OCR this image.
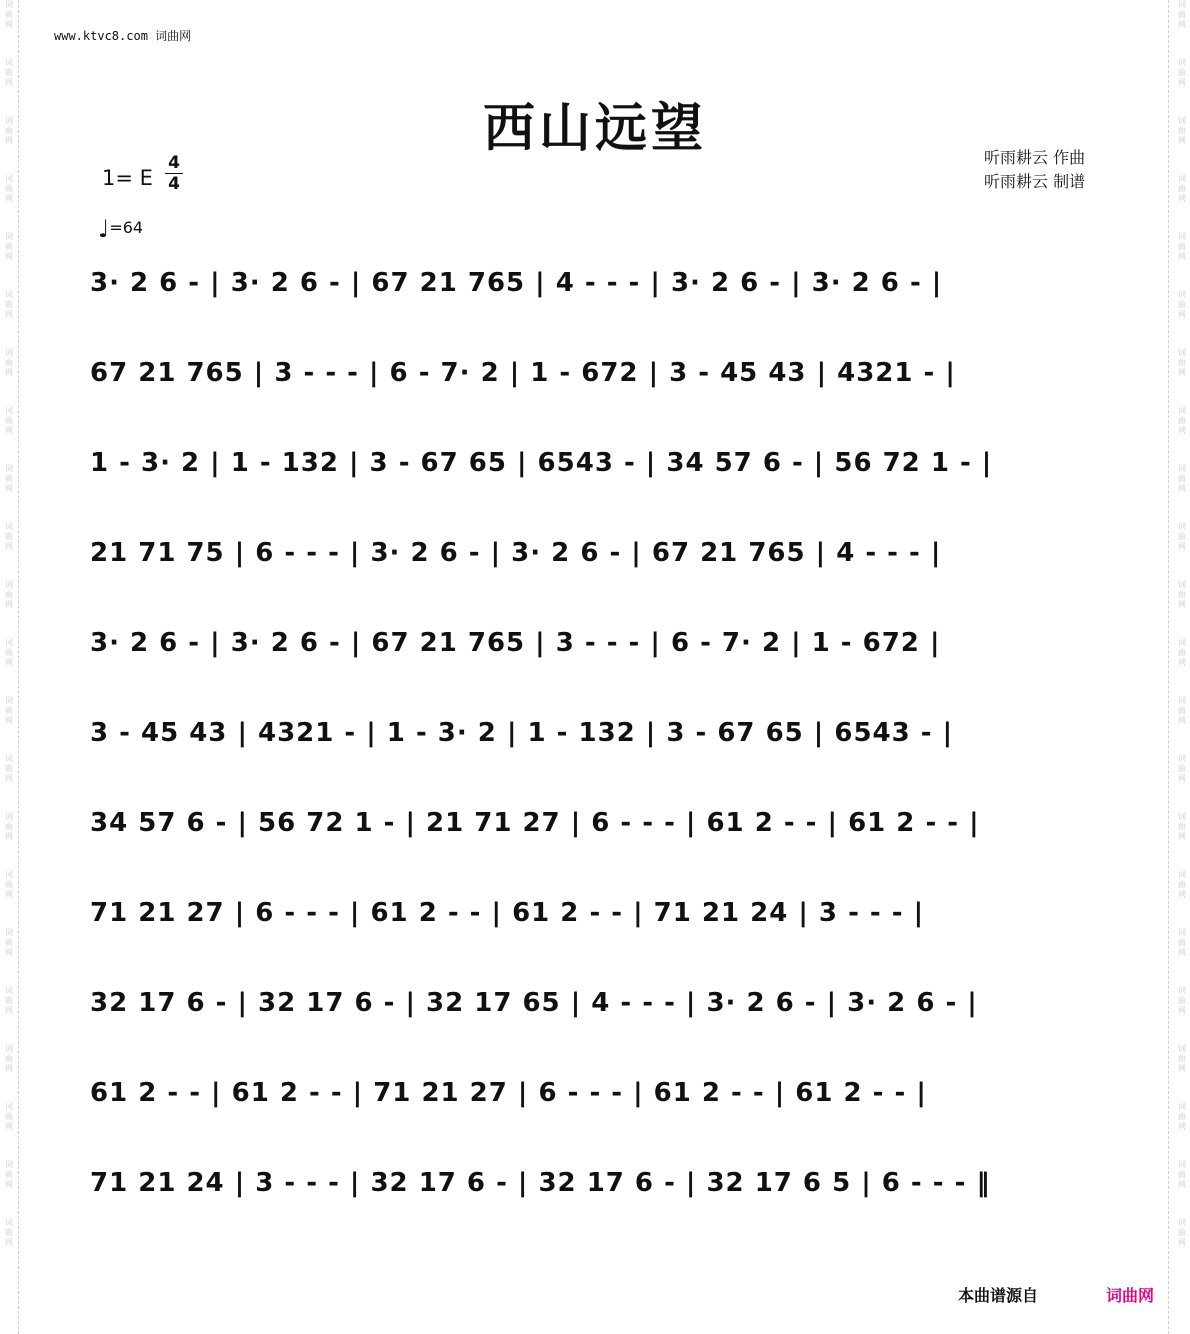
词
曲
网
词
曲
网
词
曲
网
词
曲
网
词
曲
网
词
曲
网
词
曲
网
词
曲
网
词
曲
网
词
曲
网
词
曲
网
词
曲
网
词
曲
网
词
曲
网
词
曲
网
词
曲
网
词
曲
网
词
曲
网
词
曲
网
词
曲
网
词
曲
网
词
曲
网
词
曲
网
词
曲
网
词
曲
网
词
曲
网
词
曲
网
词
曲
网
词
曲
网
词
曲
网
词
曲
网
词
曲
网
词
曲
网
词
曲
网
词
曲
网
词
曲
网
词
曲
网
词
曲
网
词
曲
网
词
曲
网
词
曲
网
词
曲
网
词
曲
网
词
曲
网
www.ktvc8.com 词曲网
西山远望	听雨耕云 作曲
听雨耕云 制谱
1= E
4
4
♩=64
3· 2 6 - | 3· 2 6 - | 67 21 765 | 4 - - - | 3· 2 6 - | 3· 2 6 - |
67 21 765 | 3 - - - | 6 - 7· 2 | 1 - 672 | 3 - 45 43 | 4321 - |
1 - 3· 2 | 1 - 132 | 3 - 67 65 | 6543 - | 34 57 6 - | 56 72 1 - |
21 71 75 | 6 - - - | 3· 2 6 - | 3· 2 6 - | 67 21 765 | 4 - - - |
3· 2 6 - | 3· 2 6 - | 67 21 765 | 3 - - - | 6 - 7· 2 | 1 - 672 |
3 - 45 43 | 4321 - | 1 - 3· 2 | 1 - 132 | 3 - 67 65 | 6543 - |
34 57 6 - | 56 72 1 - | 21 71 27 | 6 - - - | 61 2 - - | 61 2 - - |
71 21 27 | 6 - - - | 61 2 - - | 61 2 - - | 71 21 24 | 3 - - - |
32 17 6 - | 32 17 6 - | 32 17 65 | 4 - - - | 3· 2 6 - | 3· 2 6 - |
61 2 - - | 61 2 - - | 71 21 27 | 6 - - - | 61 2 - - | 61 2 - - |
71 21 24 | 3 - - - | 32 17 6 - | 32 17 6 - | 32 17 6 5 | 6 - - - ‖
本曲谱源自	词曲网
